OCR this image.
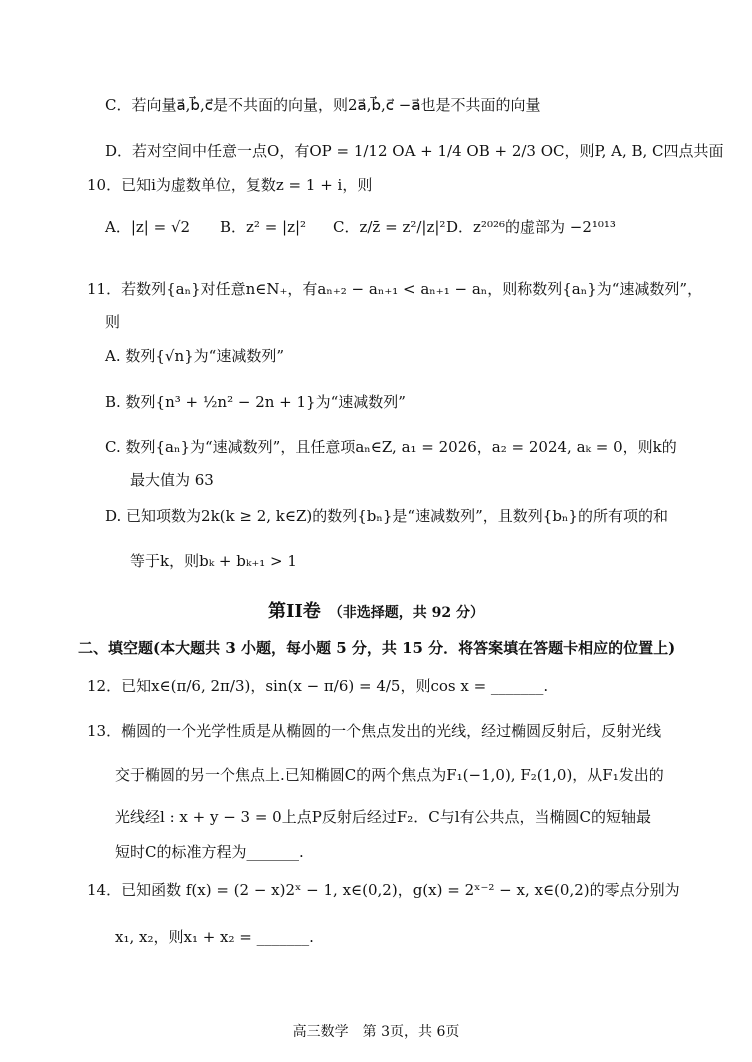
C．若向量a⃗,b⃗,c⃗是不共面的向量，则2a⃗,b⃗,c⃗ −a⃗也是不共面的向量
D．若对空间中任意一点O，有OP = 1/12 OA + 1/4 OB + 2/3 OC，则P, A, B, C四点共面
10．已知i为虚数单位，复数z = 1 + i，则
A．|z| = √2 B．z² = |z|² C．z/z̄ = z²/|z|² D．z²⁰²⁶的虚部为 −2¹⁰¹³
11．若数列{aₙ}对任意n∈N₊，有aₙ₊₂ − aₙ₊₁ < aₙ₊₁ − aₙ，则称数列{aₙ}为“速减数列”，
则
A. 数列{√n}为“速减数列”
B. 数列{n³ + ½n² − 2n + 1}为“速减数列”
C. 数列{aₙ}为“速减数列”，且任意项aₙ∈Z, a₁ = 2026，a₂ = 2024, aₖ = 0，则k的
最大值为 63
D. 已知项数为2k(k ≥ 2, k∈Z)的数列{bₙ}是“速减数列”，且数列{bₙ}的所有项的和
等于k，则bₖ + bₖ₊₁ > 1
第II卷 （非选择题，共 92 分）
二、填空题(本大题共 3 小题，每小题 5 分，共 15 分．将答案填在答题卡相应的位置上)
12．已知x∈(π/6, 2π/3)，sin(x − π/6) = 4/5，则cos x = _______.
13．椭圆的一个光学性质是从椭圆的一个焦点发出的光线，经过椭圆反射后，反射光线
交于椭圆的另一个焦点上.已知椭圆C的两个焦点为F₁(−1,0), F₂(1,0)，从F₁发出的
光线经l : x + y − 3 = 0上点P反射后经过F₂．C与l有公共点，当椭圆C的短轴最
短时C的标准方程为_______.
14．已知函数 f(x) = (2 − x)2ˣ − 1, x∈(0,2)，g(x) = 2ˣ⁻² − x, x∈(0,2)的零点分别为
x₁, x₂，则x₁ + x₂ = _______.
高三数学　第 3页，共 6页
